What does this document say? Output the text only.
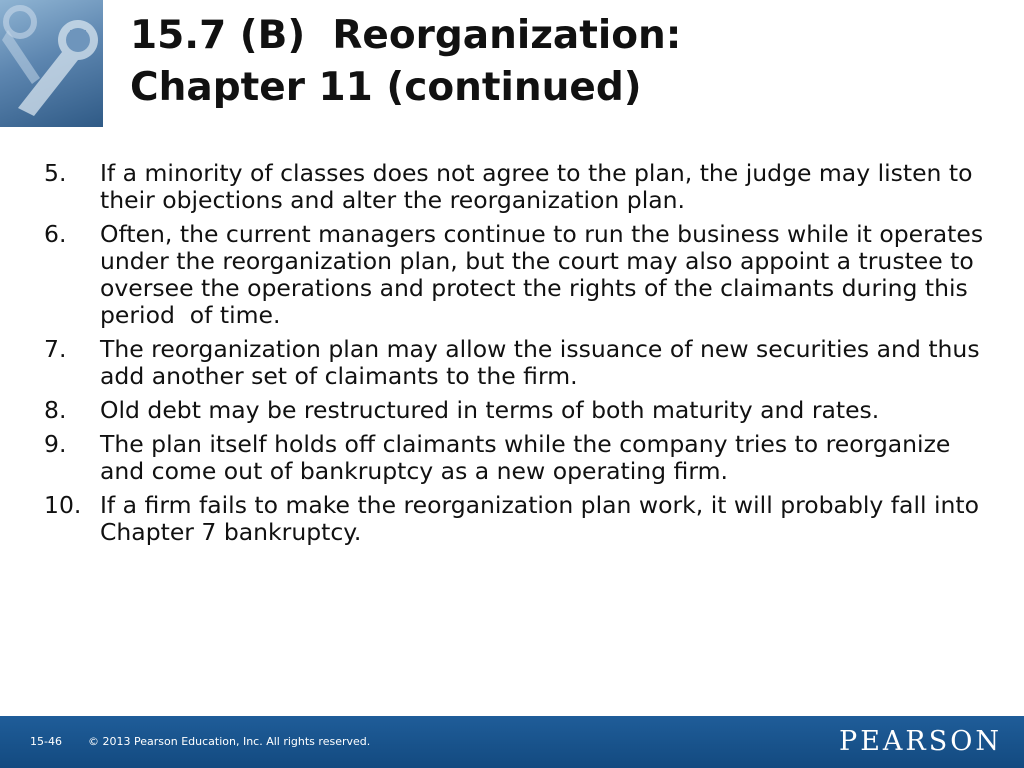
15.7 (B)  Reorganization:
Chapter 11 (continued)
5. If a minority of classes does not agree to the plan, the judge may listen to their objections and alter the reorganization plan.
6. Often, the current managers continue to run the business while it operates  under the reorganization plan, but the court may also appoint a trustee to oversee the operations and protect the rights of the claimants during this period  of time.
7. The reorganization plan may allow the issuance of new securities and thus add another set of claimants to the firm.
8. Old debt may be restructured in terms of both maturity and rates.
9. The plan itself holds off claimants while the company tries to reorganize and come out of bankruptcy as a new operating firm.
10. If a firm fails to make the reorganization plan work, it will probably fall into Chapter 7 bankruptcy.
15-46 © 2013 Pearson Education, Inc. All rights reserved.	PEARSON
